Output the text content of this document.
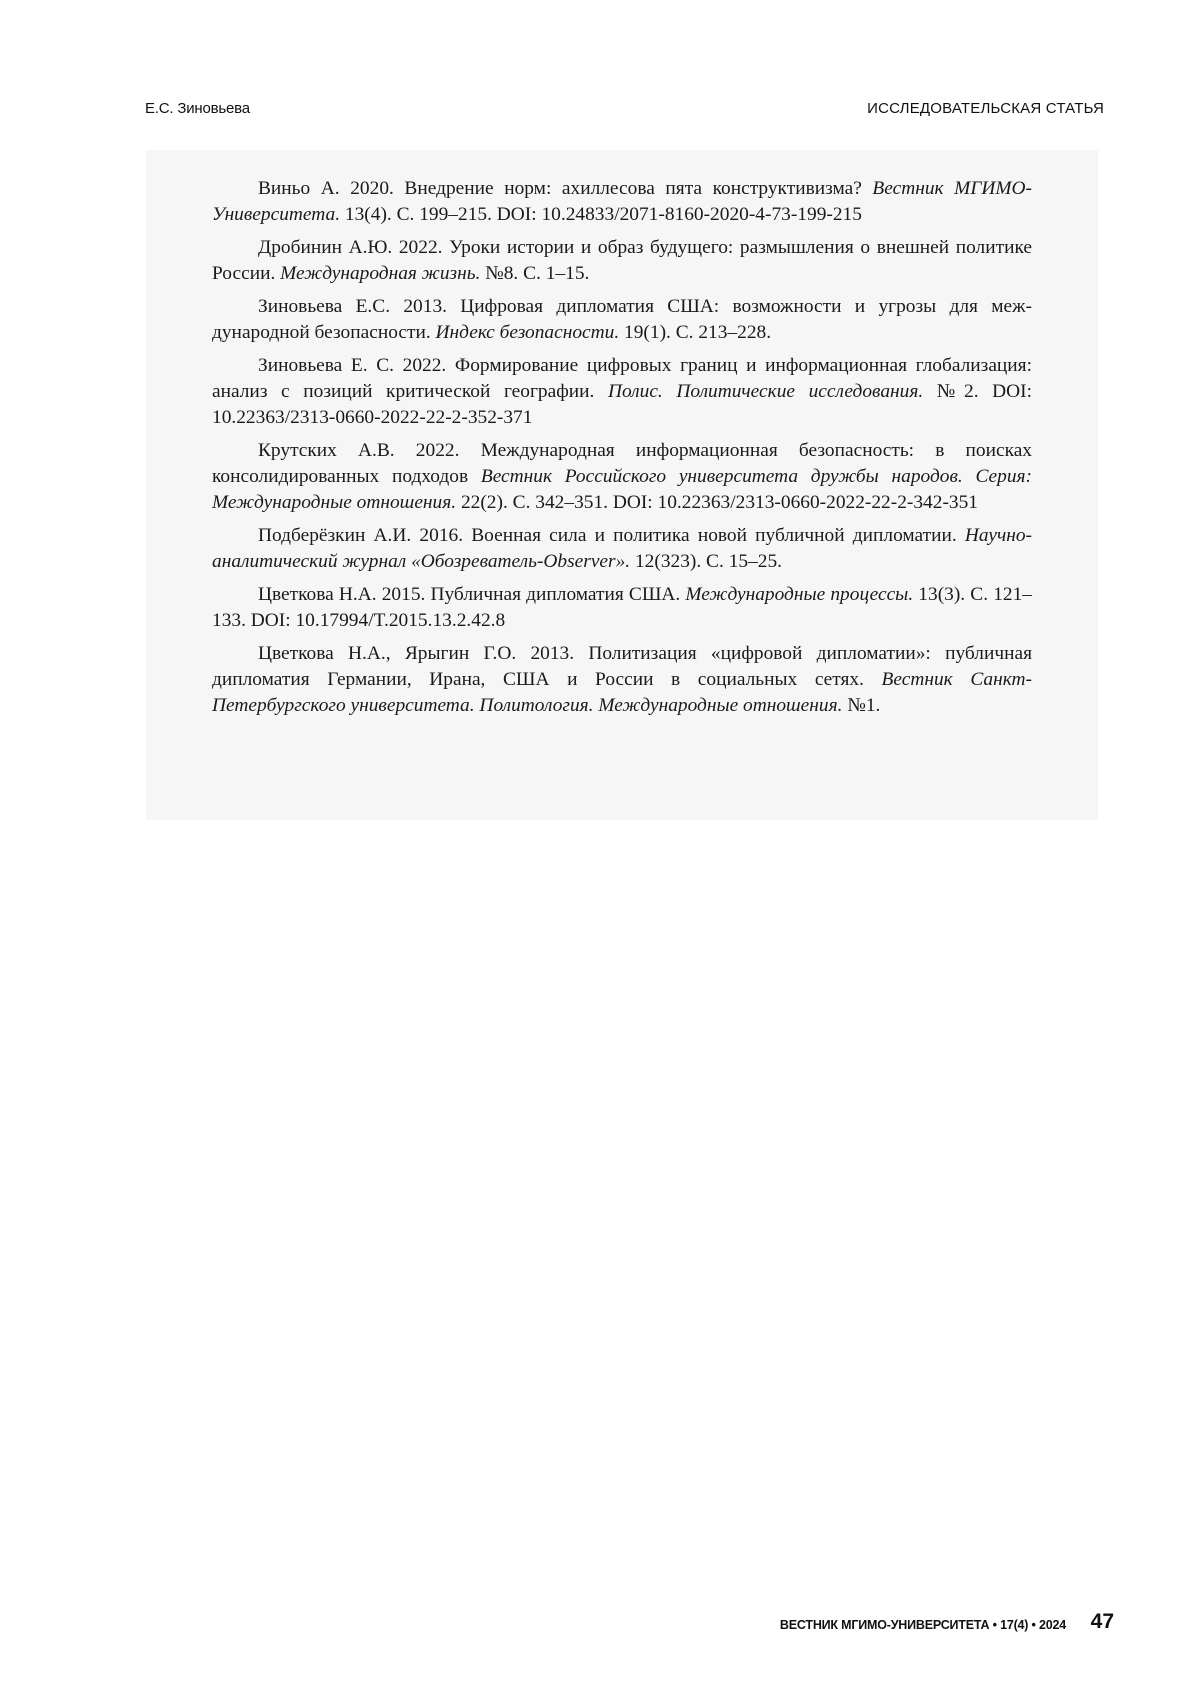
Е.С. Зиновьева	ИССЛЕДОВАТЕЛЬСКАЯ СТАТЬЯ

Виньо А. 2020. Внедрение норм: ахиллесова пята конструктивизма? Вестник МГИМО-Университета. 13(4). С. 199–215. DOI: 10.24833/2071-8160-2020-4-73-199-215

Дробинин А.Ю. 2022. Уроки истории и образ будущего: размышления о внешней политике России. Международная жизнь. №8. С. 1–15.

Зиновьева Е.С. 2013. Цифровая дипломатия США: возможности и угрозы для международной безопасности. Индекс безопасности. 19(1). С. 213–228.

Зиновьева Е. С. 2022. Формирование цифровых границ и информационная глобализация: анализ с позиций критической географии. Полис. Политические исследования. №2. DOI: 10.22363/2313-0660-2022-22-2-352-371

Крутских А.В. 2022. Международная информационная безопасность: в поисках консолидированных подходов Вестник Российского университета дружбы народов. Серия: Международные отношения. 22(2). С. 342–351. DOI: 10.22363/2313-0660-2022-22-2-342-351

Подберёзкин А.И. 2016. Военная сила и политика новой публичной дипломатии. Научно-аналитический журнал «Обозреватель-Observer». 12(323). С. 15–25.

Цветкова Н.А. 2015. Публичная дипломатия США. Международные процессы. 13(3). С. 121–133. DOI: 10.17994/T.2015.13.2.42.8

Цветкова Н.А., Ярыгин Г.О. 2013. Политизация «цифровой дипломатии»: публичная дипломатия Германии, Ирана, США и России в социальных сетях. Вестник Санкт-Петербургского университета. Политология. Международные отношения. №1.

ВЕСТНИК МГИМО-УНИВЕРСИТЕТА • 17(4) • 2024 47
